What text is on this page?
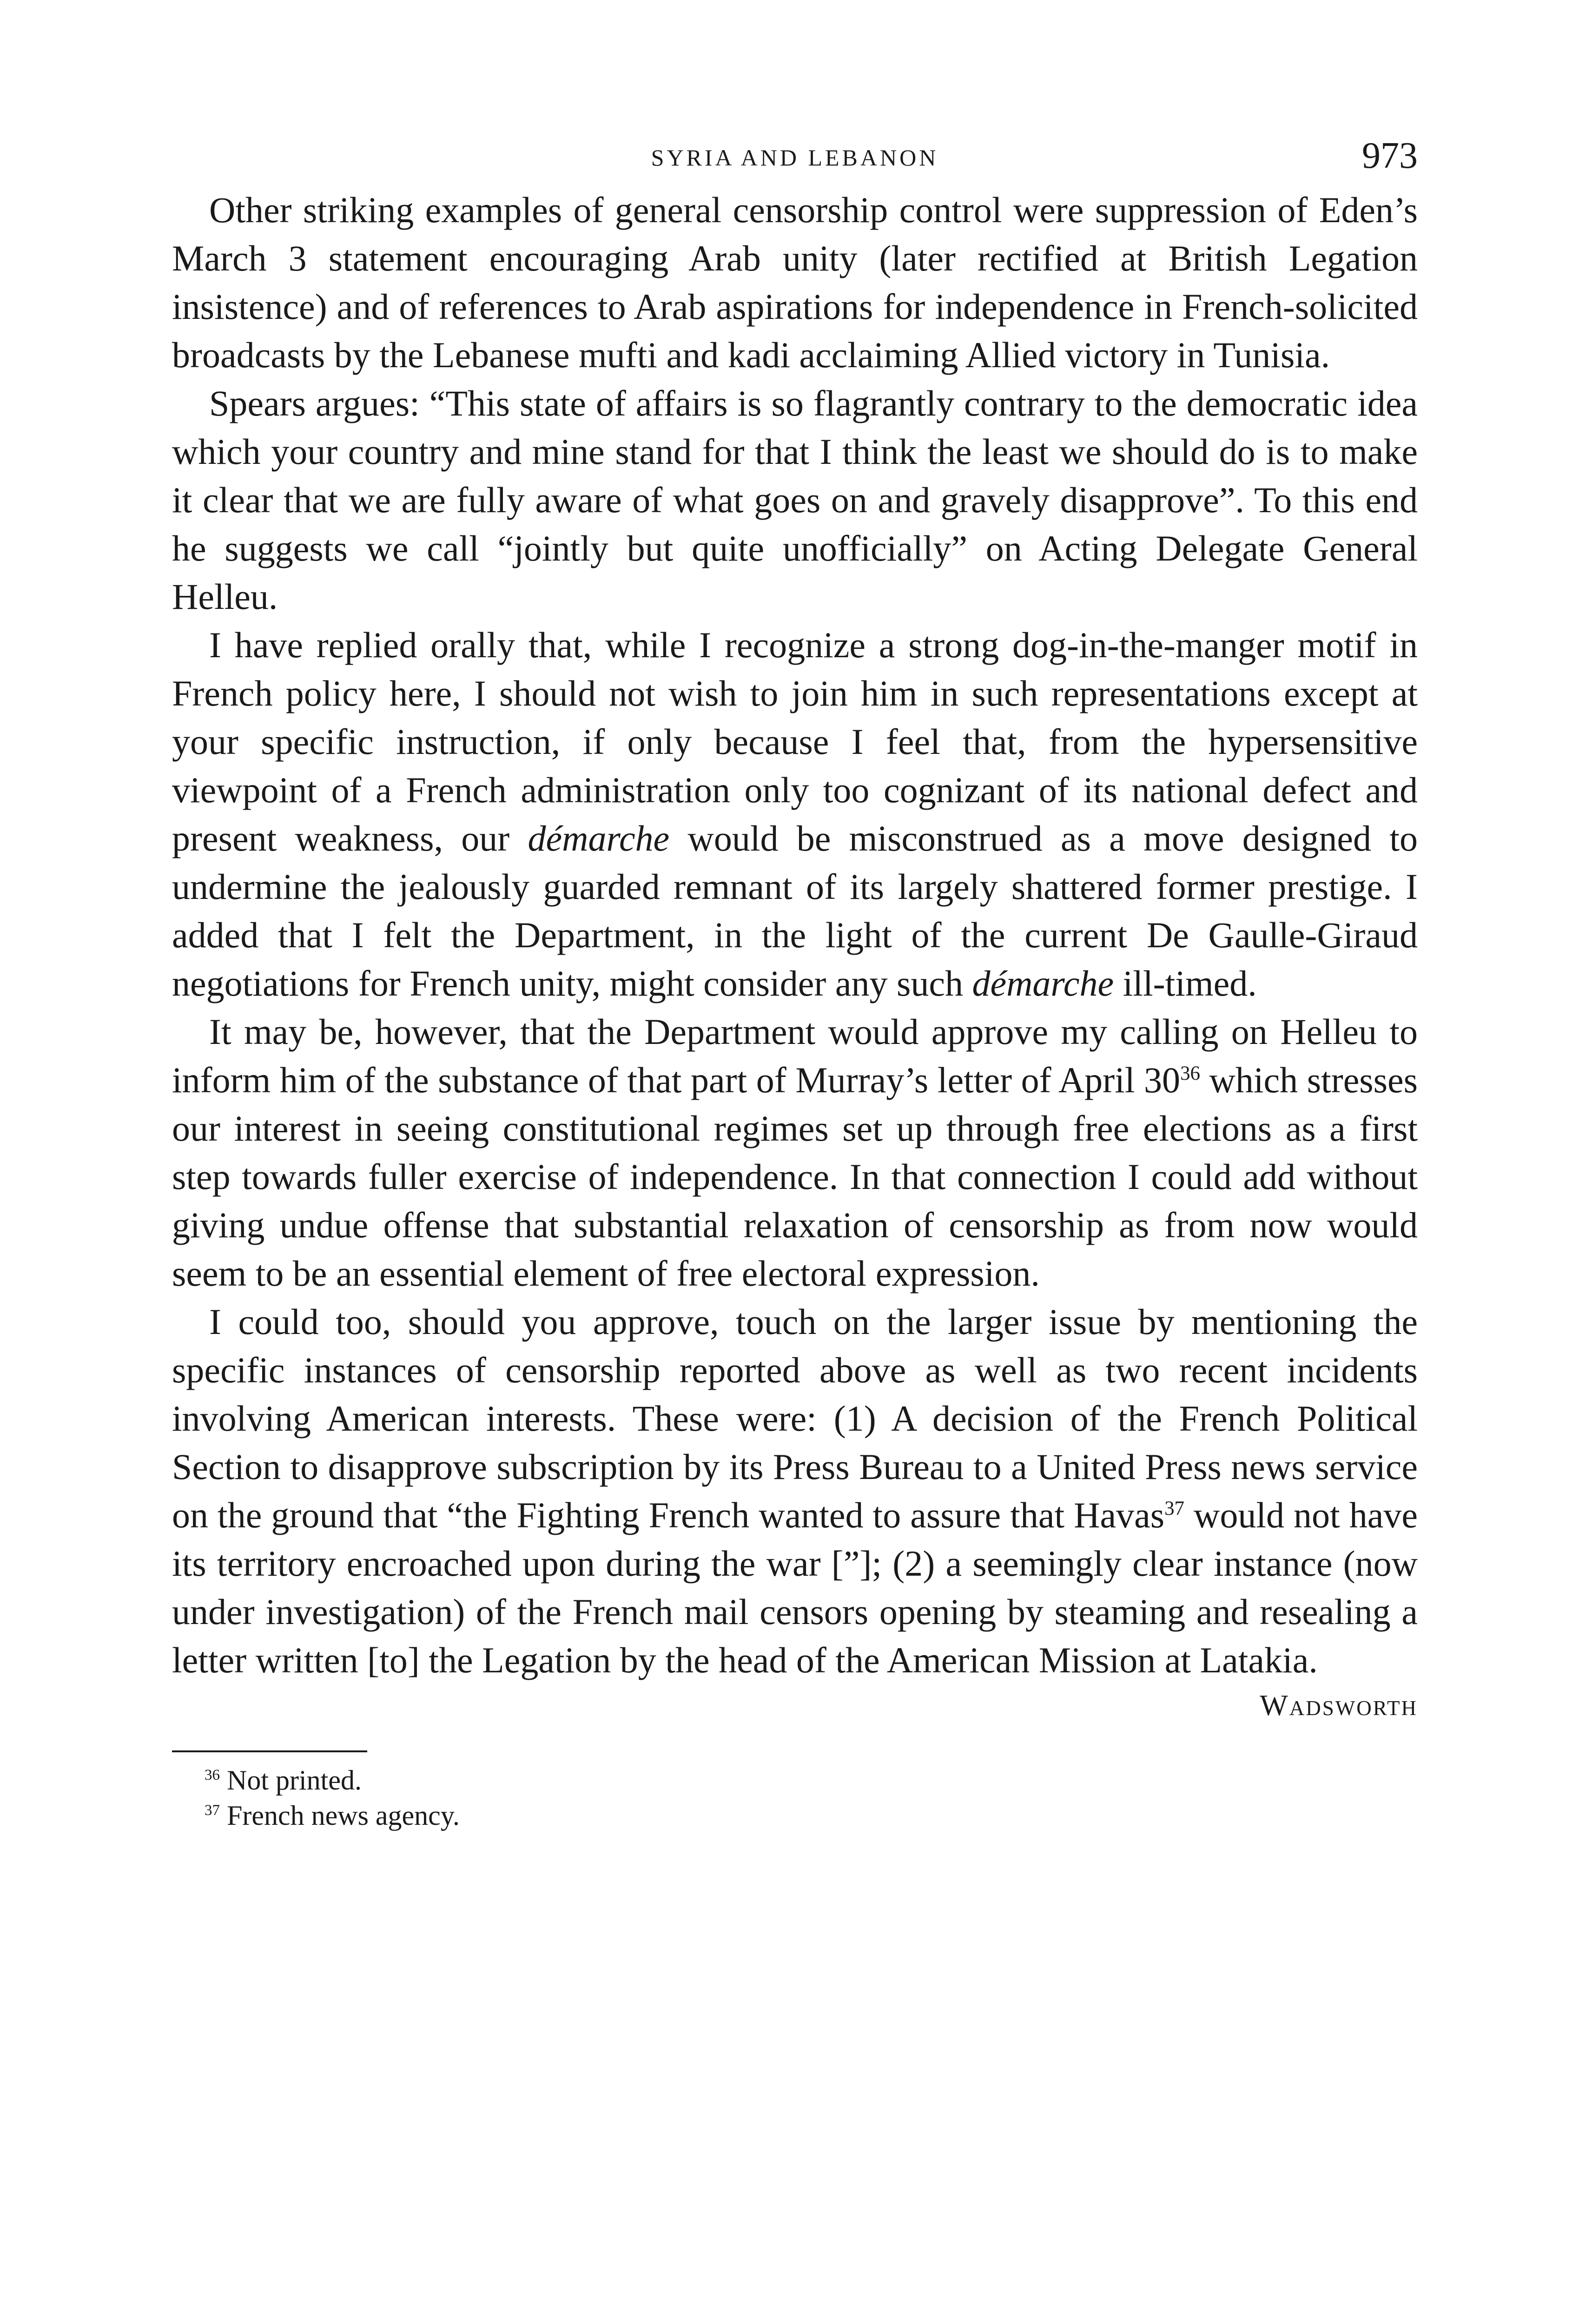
SYRIA AND LEBANON	973

Other striking examples of general censorship control were suppression of Eden’s March 3 statement encouraging Arab unity (later rectified at British Legation insistence) and of references to Arab aspirations for independence in French-solicited broadcasts by the Lebanese mufti and kadi acclaiming Allied victory in Tunisia.

Spears argues: “This state of affairs is so flagrantly contrary to the democratic idea which your country and mine stand for that I think the least we should do is to make it clear that we are fully aware of what goes on and gravely disapprove”. To this end he suggests we call “jointly but quite unofficially” on Acting Delegate General Helleu.

I have replied orally that, while I recognize a strong dog-in-the-manger motif in French policy here, I should not wish to join him in such representations except at your specific instruction, if only because I feel that, from the hypersensitive viewpoint of a French administration only too cognizant of its national defect and present weakness, our démarche would be misconstrued as a move designed to undermine the jealously guarded remnant of its largely shattered former prestige. I added that I felt the Department, in the light of the current De Gaulle-Giraud negotiations for French unity, might consider any such démarche ill-timed.

It may be, however, that the Department would approve my calling on Helleu to inform him of the substance of that part of Murray’s letter of April $30^{36}$ which stresses our interest in seeing constitutional regimes set up through free elections as a first step towards fuller exercise of independence. In that connection I could add without giving undue offense that substantial relaxation of censorship as from now would seem to be an essential element of free electoral expression.

I could too, should you approve, touch on the larger issue by mentioning the specific instances of censorship reported above as well as two recent incidents involving American interests. These were: (1) A decision of the French Political Section to disapprove subscription by its Press Bureau to a United Press news service on the ground that “the Fighting French wanted to assure that Havas$^{37}$ would not have its territory encroached upon during the war [”]; (2) a seemingly clear instance (now under investigation) of the French mail censors opening by steaming and resealing a letter written [to] the Legation by the head of the American Mission at Latakia.

Wadsworth
$^{36}$ Not printed.
$^{37}$ French news agency.
